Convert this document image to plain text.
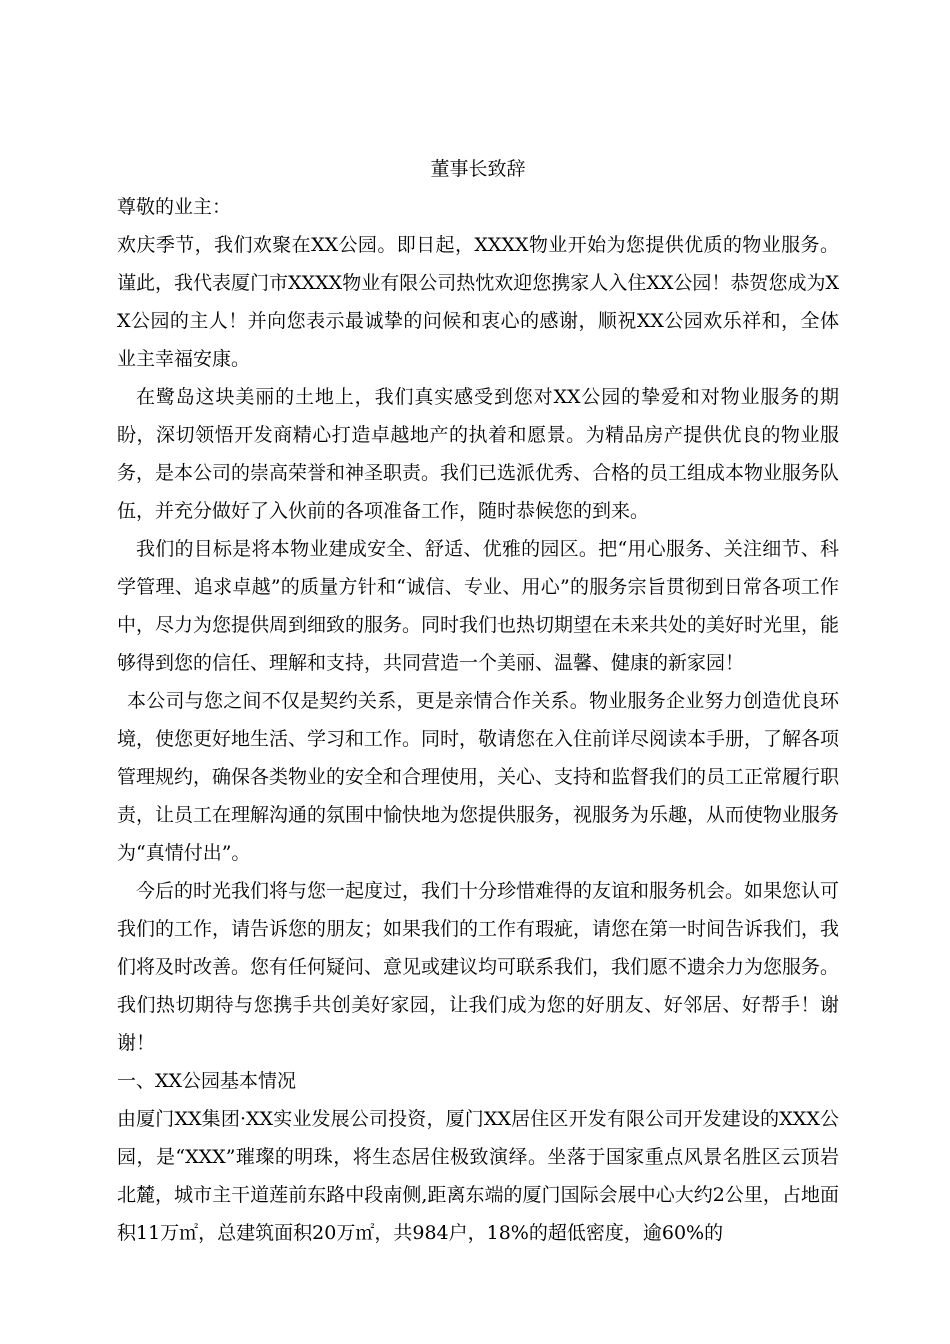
董事长致辞

尊敬的业主：

欢庆季节，我们欢聚在XX公园。即日起，XXXX物业开始为您提供优质的物业服务。谨此，我代表厦门市XXXX物业有限公司热忱欢迎您携家人入住XX公园！恭贺您成为XX公园的主人！并向您表示最诚挚的问候和衷心的感谢，顺祝XX公园欢乐祥和，全体业主幸福安康。

在鹭岛这块美丽的土地上，我们真实感受到您对XX公园的挚爱和对物业服务的期盼，深切领悟开发商精心打造卓越地产的执着和愿景。为精品房产提供优良的物业服务，是本公司的崇高荣誉和神圣职责。我们已选派优秀、合格的员工组成本物业服务队伍，并充分做好了入伙前的各项准备工作，随时恭候您的到来。

我们的目标是将本物业建成安全、舒适、优雅的园区。把“用心服务、关注细节、科学管理、追求卓越”的质量方针和“诚信、专业、用心”的服务宗旨贯彻到日常各项工作中，尽力为您提供周到细致的服务。同时我们也热切期望在未来共处的美好时光里，能够得到您的信任、理解和支持，共同营造一个美丽、温馨、健康的新家园！

本公司与您之间不仅是契约关系，更是亲情合作关系。物业服务企业努力创造优良环境，使您更好地生活、学习和工作。同时，敬请您在入住前详尽阅读本手册，了解各项管理规约，确保各类物业的安全和合理使用，关心、支持和监督我们的员工正常履行职责，让员工在理解沟通的氛围中愉快地为您提供服务，视服务为乐趣，从而使物业服务为“真情付出”。

今后的时光我们将与您一起度过，我们十分珍惜难得的友谊和服务机会。如果您认可我们的工作，请告诉您的朋友；如果我们的工作有瑕疵，请您在第一时间告诉我们，我们将及时改善。您有任何疑问、意见或建议均可联系我们，我们愿不遗余力为您服务。

我们热切期待与您携手共创美好家园，让我们成为您的好朋友、好邻居、好帮手！谢谢！

一、XX公园基本情况

由厦门XX集团·XX实业发展公司投资，厦门XX居住区开发有限公司开发建设的XXX公园，是“XXX”璀璨的明珠，将生态居住极致演绎。坐落于国家重点风景名胜区云顶岩北麓，城市主干道莲前东路中段南侧,距离东端的厦门国际会展中心大约2公里，占地面积11万㎡，总建筑面积20万㎡，共984户，18%的超低密度，逾60%的
